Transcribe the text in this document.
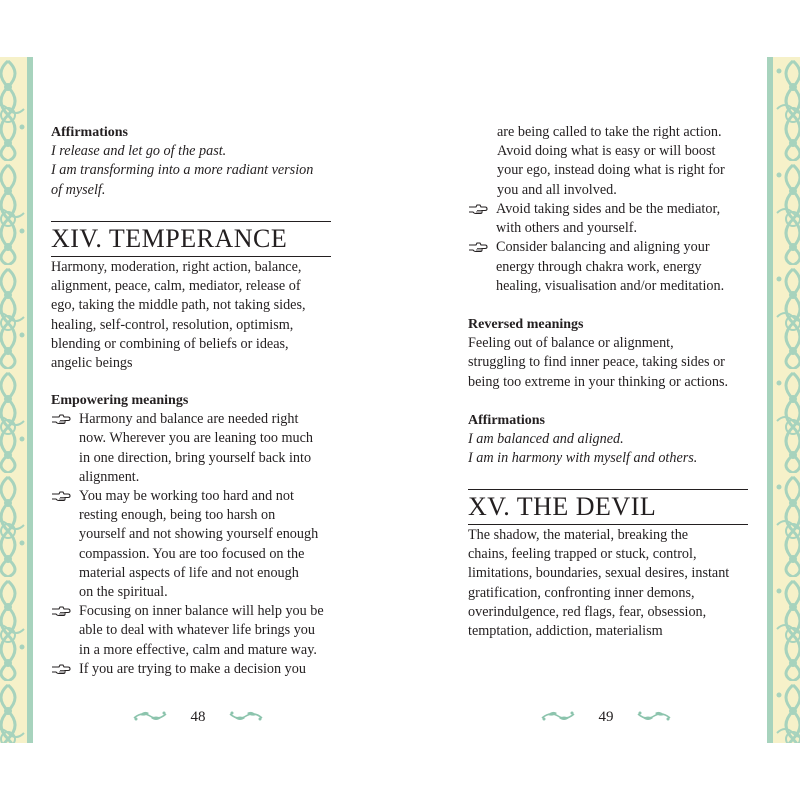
Affirmations
I release and let go of the past.
I am transforming into a more radiant version
of myself.
XIV. TEMPERANCE
Harmony, moderation, right action, balance,
alignment, peace, calm, mediator, release of
ego, taking the middle path, not taking sides,
healing, self-control, resolution, optimism,
blending or combining of beliefs or ideas,
angelic beings
Empowering meanings
Harmony and balance are needed right
now. Wherever you are leaning too much
in one direction, bring yourself back into
alignment.
You may be working too hard and not
resting enough, being too harsh on
yourself and not showing yourself enough
compassion. You are too focused on the
material aspects of life and not enough
on the spiritual.
Focusing on inner balance will help you be
able to deal with whatever life brings you
in a more effective, calm and mature way.
If you are trying to make a decision you
48
are being called to take the right action.
Avoid doing what is easy or will boost
your ego, instead doing what is right for
you and all involved.
Avoid taking sides and be the mediator,
with others and yourself.
Consider balancing and aligning your
energy through chakra work, energy
healing, visualisation and/or meditation.
Reversed meanings
Feeling out of balance or alignment,
struggling to find inner peace, taking sides or
being too extreme in your thinking or actions.
Affirmations
I am balanced and aligned.
I am in harmony with myself and others.
XV. THE DEVIL
The shadow, the material, breaking the
chains, feeling trapped or stuck, control,
limitations, boundaries, sexual desires, instant
gratification, confronting inner demons,
overindulgence, red flags, fear, obsession,
temptation, addiction, materialism
49
